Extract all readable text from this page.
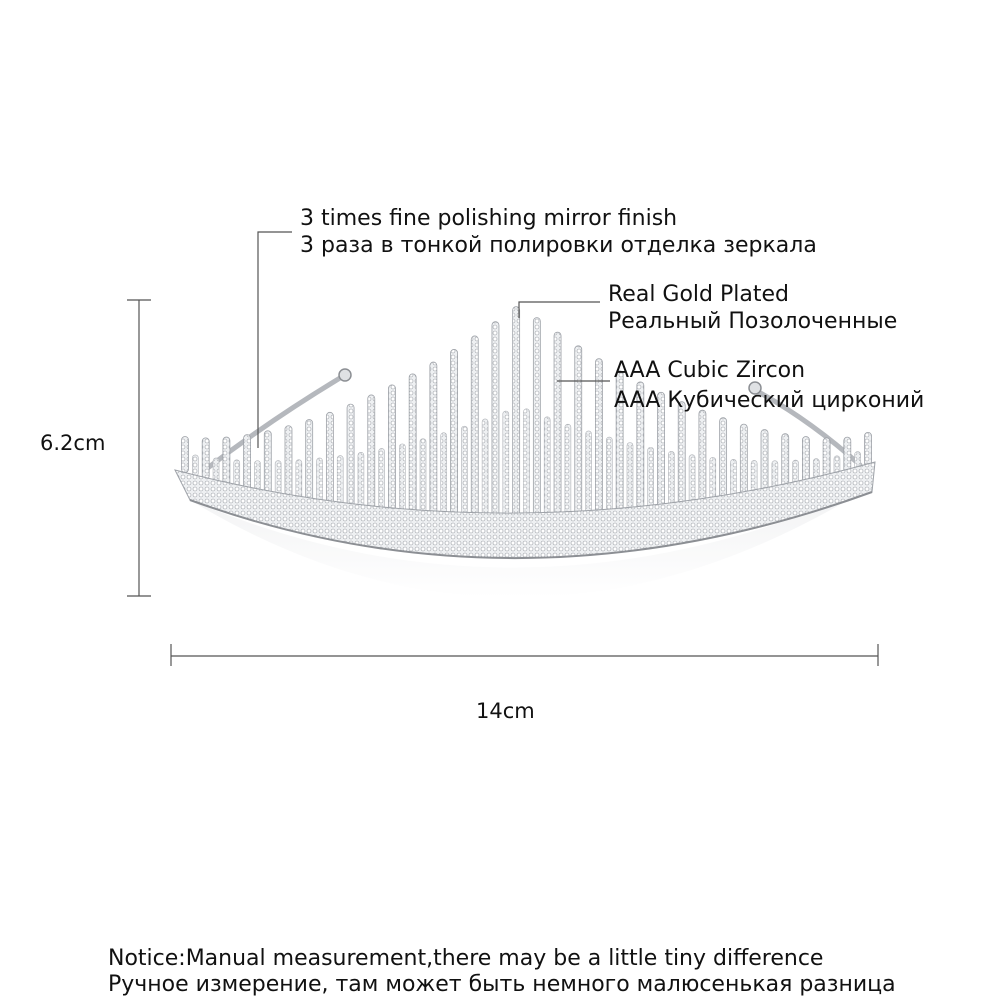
3 times fine polishing mirror finish
3 раза в тонкой полировки отделка зеркала
Real Gold Plated
Реальный Позолоченные
AAA Cubic Zircon
AAA Кубический цирконий
6.2cm
14cm
Notice:Manual measurement,there may be a little tiny difference
Ручное измерение, там может быть немного малюсенькая разница
